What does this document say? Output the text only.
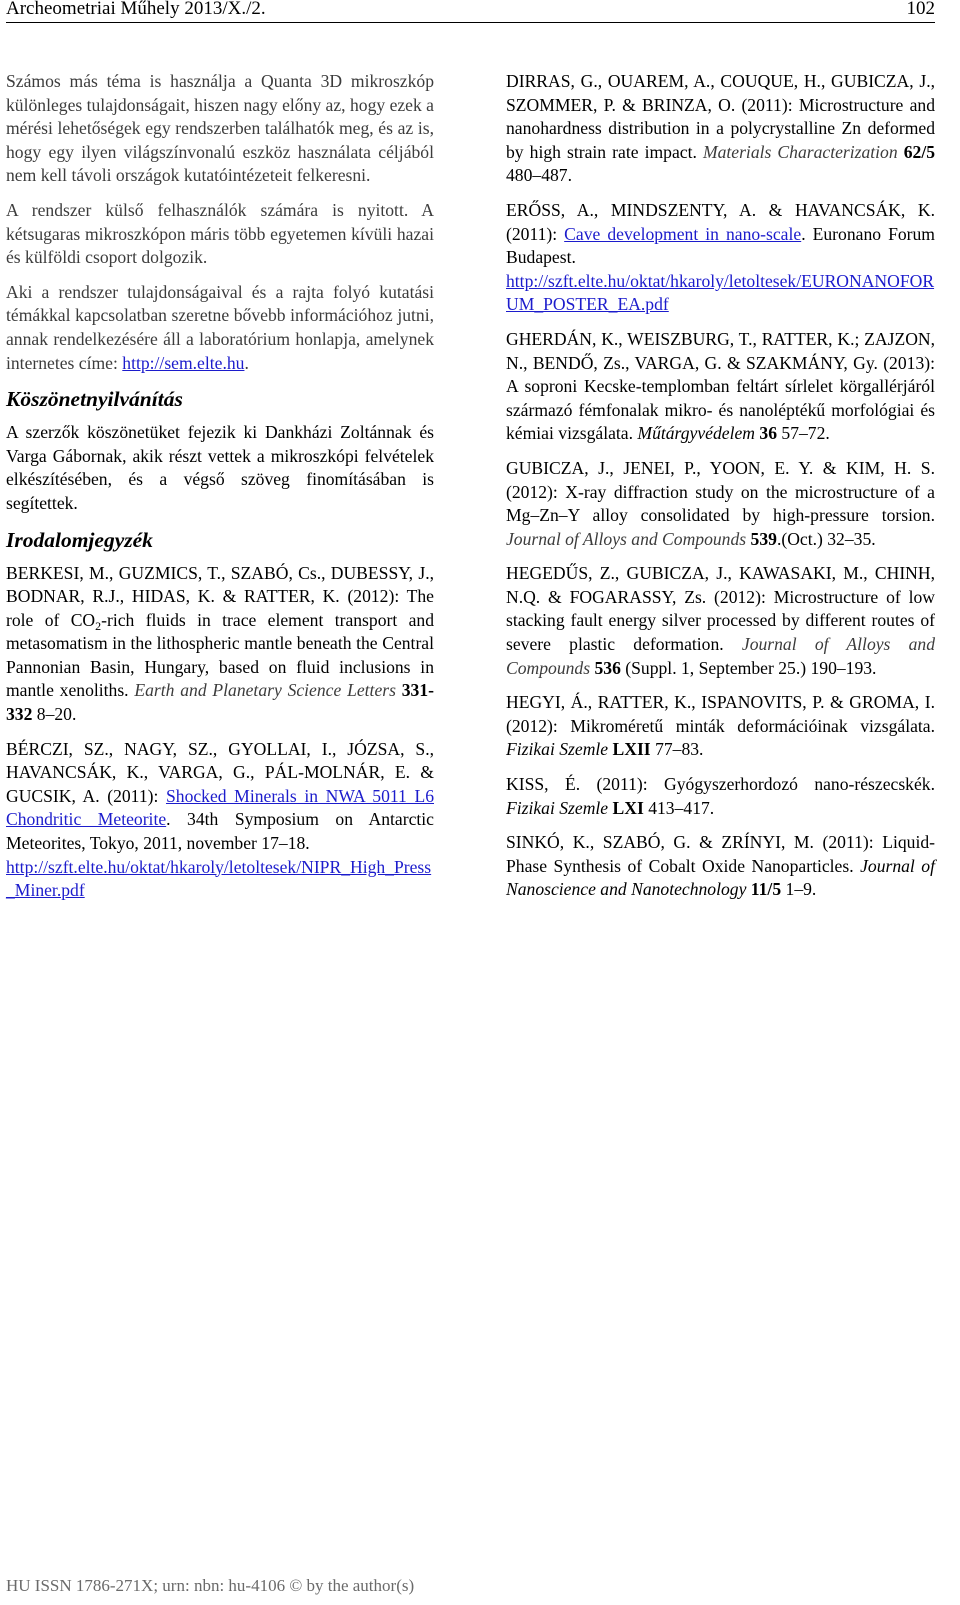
Archeometriai Műhely 2013/X./2.	102

Számos más téma is használja a Quanta 3D mikroszkóp különleges tulajdonságait, hiszen nagy előny az, hogy ezek a mérési lehetőségek egy rendszerben találhatók meg, és az is, hogy egy ilyen világszínvonalú eszköz használata céljából nem kell távoli országok kutatóintézeteit felkeresni.

A rendszer külső felhasználók számára is nyitott. A kétsugaras mikroszkópon máris több egyetemen kívüli hazai és külföldi csoport dolgozik.

Aki a rendszer tulajdonságaival és a rajta folyó kutatási témákkal kapcsolatban szeretne bővebb információhoz jutni, annak rendelkezésére áll a laboratórium honlapja, amelynek internetes címe: http://sem.elte.hu.

Köszönetnyilvánítás

A szerzők köszönetüket fejezik ki Dankházi Zoltánnak és Varga Gábornak, akik részt vettek a mikroszkópi felvételek elkészítésében, és a végső szöveg finomításában is segítettek.

Irodalomjegyzék

BERKESI, M., GUZMICS, T., SZABÓ, Cs., DUBESSY, J., BODNAR, R.J., HIDAS, K. & RATTER, K. (2012): The role of $CO_2$-rich fluids in trace element transport and metasomatism in the lithospheric mantle beneath the Central Pannonian Basin, Hungary, based on fluid inclusions in mantle xenoliths. Earth and Planetary Science Letters 331-332 8–20.

BÉRCZI, SZ., NAGY, SZ., GYOLLAI, I., JÓZSA, S., HAVANCSÁK, K., VARGA, G., PÁL-MOLNÁR, E. & GUCSIK, A. (2011): Shocked Minerals in NWA 5011 L6 Chondritic Meteorite. 34th Symposium on Antarctic Meteorites, Tokyo, 2011, november 17–18.
http://szft.elte.hu/oktat/hkaroly/letoltesek/NIPR_High_Press_Miner.pdf

DIRRAS, G., OUAREM, A., COUQUE, H., GUBICZA, J., SZOMMER, P. & BRINZA, O. (2011): Microstructure and nanohardness distribution in a polycrystalline Zn deformed by high strain rate impact. Materials Characterization 62/5 480–487.

ERŐSS, A., MINDSZENTY, A. & HAVANCSÁK, K. (2011): Cave development in nano-scale. Euronano Forum Budapest.
http://szft.elte.hu/oktat/hkaroly/letoltesek/EURONANOFORUM_POSTER_EA.pdf

GHERDÁN, K., WEISZBURG, T., RATTER, K.; ZAJZON, N., BENDŐ, Zs., VARGA, G. & SZAKMÁNY, Gy. (2013): A soproni Kecske-templomban feltárt sírlelet körgallérjáról származó fémfonalak mikro- és nanoléptékű morfológiai és kémiai vizsgálata. Műtárgyvédelem 36 57–72.

GUBICZA, J., JENEI, P., YOON, E. Y. & KIM, H. S. (2012): X-ray diffraction study on the microstructure of a Mg–Zn–Y alloy consolidated by high-pressure torsion. Journal of Alloys and Compounds 539.(Oct.) 32–35.

HEGEDŰS, Z., GUBICZA, J., KAWASAKI, M., CHINH, N.Q. & FOGARASSY, Zs. (2012): Microstructure of low stacking fault energy silver processed by different routes of severe plastic deformation. Journal of Alloys and Compounds 536 (Suppl. 1, September 25.) 190–193.

HEGYI, Á., RATTER, K., ISPANOVITS, P. & GROMA, I. (2012): Mikroméretű minták deformációinak vizsgálata. Fizikai Szemle LXII 77–83.

KISS, É. (2011): Gyógyszerhordozó nano-részecskék. Fizikai Szemle LXI 413–417.

SINKÓ, K., SZABÓ, G. & ZRÍNYI, M. (2011): Liquid-Phase Synthesis of Cobalt Oxide Nanoparticles. Journal of Nanoscience and Nanotechnology 11/5 1–9.

HU ISSN 1786-271X; urn: nbn: hu-4106 © by the author(s)
